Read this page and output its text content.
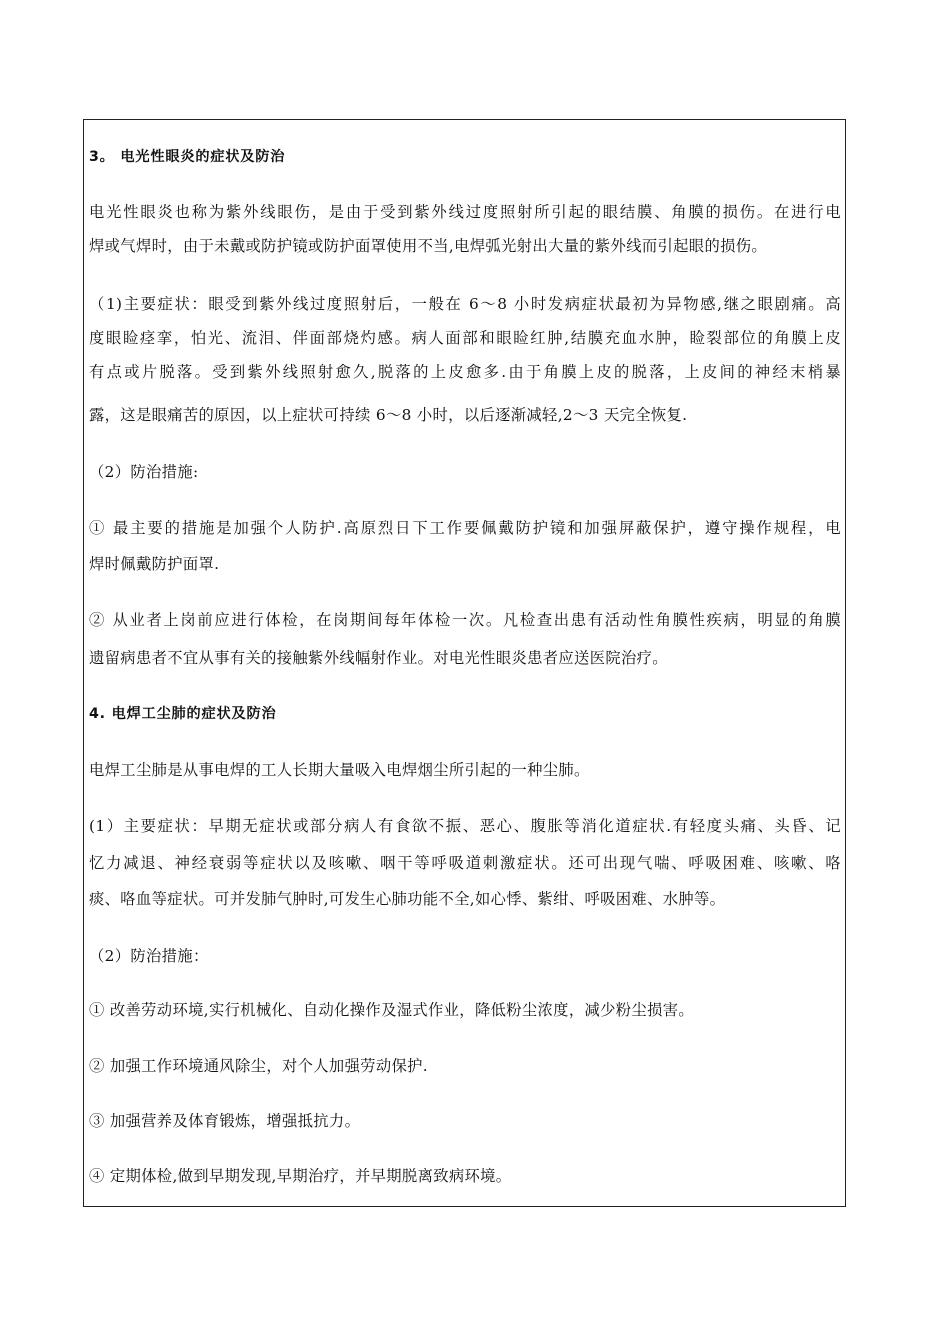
3。 电光性眼炎的症状及防治
电光性眼炎也称为紫外线眼伤，是由于受到紫外线过度照射所引起的眼结膜、角膜的损伤。在进行电
焊或气焊时，由于未戴或防护镜或防护面罩使用不当,电焊弧光射出大量的紫外线而引起眼的损伤。
（1)主要症状：眼受到紫外线过度照射后，一般在 6～8 小时发病症状最初为异物感,继之眼剧痛。高
度眼睑痉挛，怕光、流泪、伴面部烧灼感。病人面部和眼睑红肿,结膜充血水肿，睑裂部位的角膜上皮
有点或片脱落。受到紫外线照射愈久,脱落的上皮愈多.由于角膜上皮的脱落，上皮间的神经末梢暴
露，这是眼痛苦的原因，以上症状可持续 6～8 小时，以后逐渐减轻,2～3 天完全恢复.
（2）防治措施:
① 最主要的措施是加强个人防护.高原烈日下工作要佩戴防护镜和加强屏蔽保护，遵守操作规程，电
焊时佩戴防护面罩.
② 从业者上岗前应进行体检，在岗期间每年体检一次。凡检查出患有活动性角膜性疾病，明显的角膜
遗留病患者不宜从事有关的接触紫外线幅射作业。对电光性眼炎患者应送医院治疗。
4. 电焊工尘肺的症状及防治
电焊工尘肺是从事电焊的工人长期大量吸入电焊烟尘所引起的一种尘肺。
(1）主要症状：早期无症状或部分病人有食欲不振、恶心、腹胀等消化道症状.有轻度头痛、头昏、记
忆力减退、神经衰弱等症状以及咳嗽、咽干等呼吸道刺激症状。还可出现气喘、呼吸困难、咳嗽、咯
痰、咯血等症状。可并发肺气肿时,可发生心肺功能不全,如心悸、紫绀、呼吸困难、水肿等。
（2）防治措施：
① 改善劳动环境,实行机械化、自动化操作及湿式作业，降低粉尘浓度，减少粉尘损害。
② 加强工作环境通风除尘，对个人加强劳动保护.
③ 加强营养及体育锻炼，增强抵抗力。
④ 定期体检,做到早期发现,早期治疗，并早期脱离致病环境。
